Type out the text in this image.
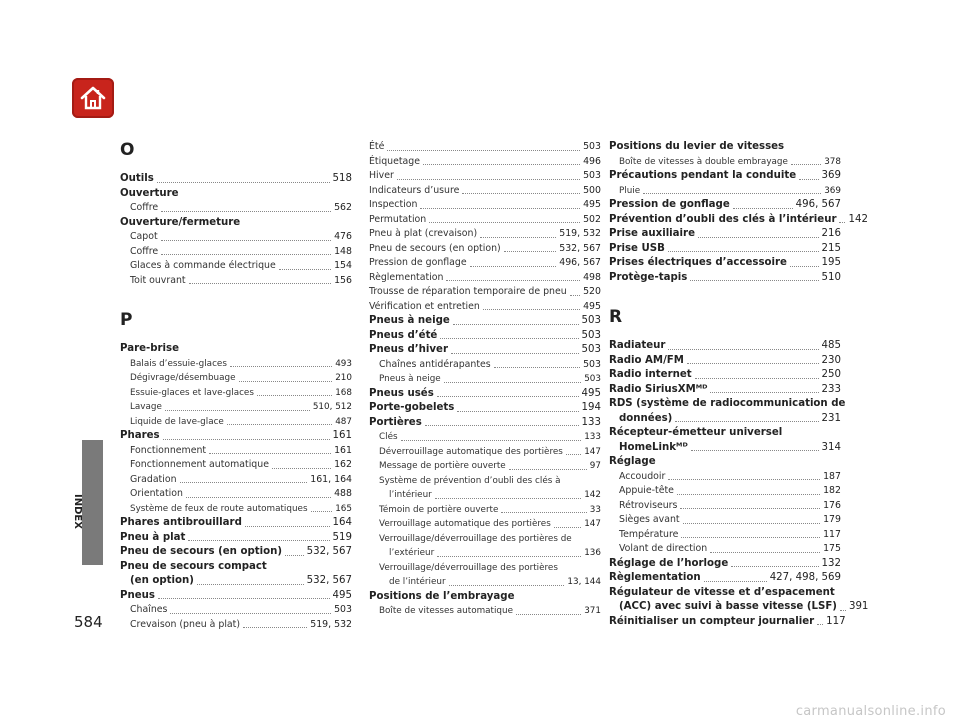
INDEX
O
Outils	518
Ouverture
Coffre	562
Ouverture/fermeture
Capot	476
Coffre	148
Glaces à commande électrique	154
Toit ouvrant	156
P
Pare-brise
Balais d’essuie-glaces	493
Dégivrage/désembuage	210
Essuie-glaces et lave-glaces	168
Lavage	510, 512
Liquide de lave-glace	487
Phares	161
Fonctionnement	161
Fonctionnement automatique	162
Gradation	161, 164
Orientation	488
Système de feux de route automatiques	165
Phares antibrouillard	164
Pneu à plat	519
Pneu de secours (en option) 532, 567
Pneu de secours compact
(en option)	532, 567
Pneus	495
Chaînes	503
Crevaison (pneu à plat)	519, 532
Été	503
Étiquetage	496
Hiver	503
Indicateurs d’usure	500
Inspection	495
Permutation	502
Pneu à plat (crevaison)	519, 532
Pneu de secours (en option)	532, 567
Pression de gonflage	496, 567
Règlementation	498
Trousse de réparation temporaire de pneu 520
Vérification et entretien	495
Pneus à neige	503
Pneus d’été	503
Pneus d’hiver	503
Chaînes antidérapantes	503
Pneus à neige	503
Pneus usés	495
Porte-gobelets	194
Portières	133
Clés	133
Déverrouillage automatique des portières 147
Message de portière ouverte	97
Système de prévention d’oubli des clés à
l’intérieur	142
Témoin de portière ouverte	33
Verrouillage automatique des portières	147
Verrouillage/déverrouillage des portières de
l’extérieur	136
Verrouillage/déverrouillage des portières
de l’intérieur	13, 144
Positions de l’embrayage
Boîte de vitesses automatique	371
Positions du levier de vitesses
Boîte de vitesses à double embrayage	378
Précautions pendant la conduite 369
Pluie	369
Pression de gonflage	496, 567
Prévention d’oubli des clés à l’intérieur 142
Prise auxiliaire	216
Prise USB	215
Prises électriques d’accessoire	195
Protège-tapis	510
R
Radiateur	485
Radio AM/FM	230
Radio internet	250
Radio SiriusXMᴹᴰ	233
RDS (système de radiocommunication de
données)	231
Récepteur-émetteur universel
HomeLinkᴹᴰ	314
Réglage
Accoudoir	187
Appuie-tête	182
Rétroviseurs	176
Sièges avant	179
Température	117
Volant de direction	175
Réglage de l’horloge	132
Règlementation	427, 498, 569
Régulateur de vitesse et d’espacement
(ACC) avec suivi à basse vitesse (LSF) 391
Réinitialiser un compteur journalier 117
584
carmanualsonline.info
